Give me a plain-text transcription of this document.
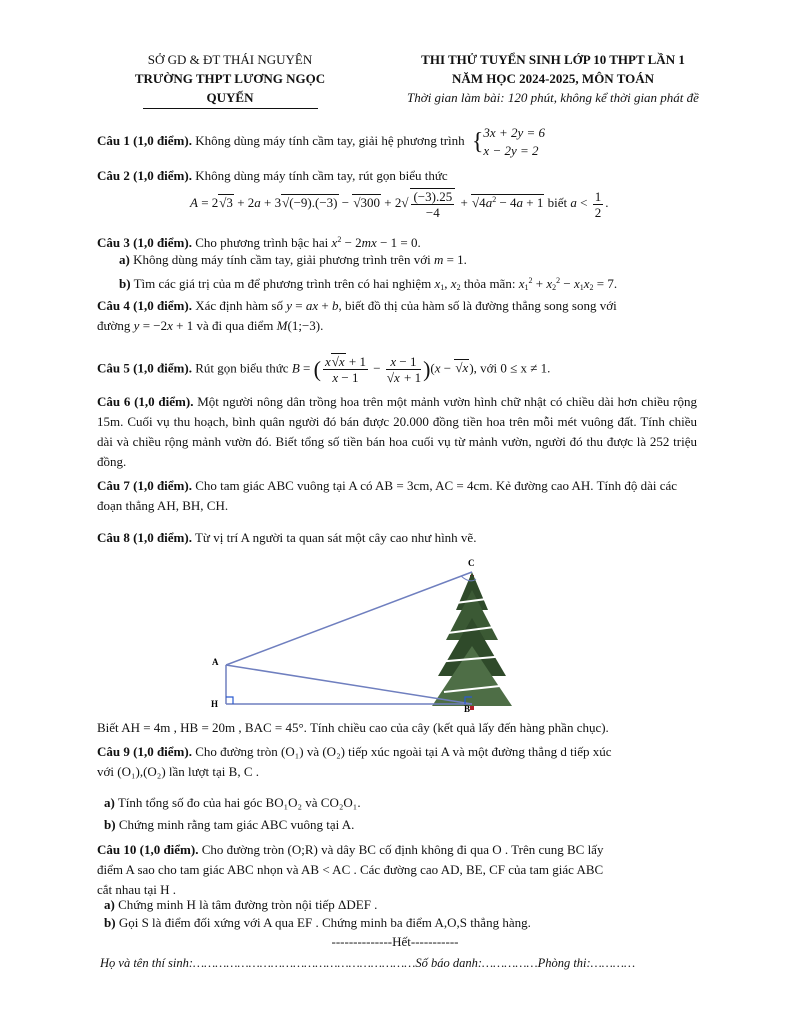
SỞ GD & ĐT THÁI NGUYÊN
TRƯỜNG THPT LƯƠNG NGỌC QUYẾN
THI THỬ TUYỂN SINH LỚP 10 THPT LẦN 1
NĂM HỌC 2024-2025, MÔN TOÁN
Thời gian làm bài: 120 phút, không kể thời gian phát đề
Câu 1 (1,0 điểm). Không dùng máy tính cầm tay, giải hệ phương trình { 3x + 2y = 6
x − 2y = 2
Câu 2 (1,0 điểm). Không dùng máy tính cầm tay, rút gọn biểu thức
$A = 2√3 + 2a + 3√(-9).(-3) - √300 + 2√ \frac{(-3).25}{-4} + √4a^2 - 4a + 1$ biết $a < \frac{1}{2}$ .
Câu 3 (1,0 điểm). Cho phương trình bậc hai $x^2 - 2mx - 1 = 0$.
a) Không dùng máy tính cầm tay, giải phương trình trên với m = 1.
b) Tìm các giá trị của m để phương trình trên có hai nghiệm $x_1$, $x_2$ thỏa mãn: $x_1^2 + x_2^2 - x_1x_2 = 7$.
Câu 4 (1,0 điểm). Xác định hàm số y = ax + b, biết đồ thị của hàm số là đường thẳng song song với
đường y = −2x + 1 và đi qua điểm M(1;−3).
Câu 5 (1,0 điểm). Rút gọn biểu thức B = ( $\frac{x√x + 1}{x - 1} - \frac{x - 1}{√x + 1} )(x - √x)$, với 0 ≤ x ≠ 1.
Câu 6 (1,0 điểm). Một người nông dân trồng hoa trên một mảnh vườn hình chữ nhật có chiều dài hơn chiều rộng 15m. Cuối vụ thu hoạch, bình quân người đó bán được 20.000 đồng tiền hoa trên mỗi mét vuông đất. Tính chiều dài và chiều rộng mảnh vườn đó. Biết tổng số tiền bán hoa cuối vụ từ mảnh vườn, người đó thu được là 252 triệu đồng.
Câu 7 (1,0 điểm). Cho tam giác ABC vuông tại A có AB = 3cm, AC = 4cm. Kẻ đường cao AH. Tính độ dài các đoạn thẳng AH, BH, CH.
Câu 8 (1,0 điểm). Từ vị trí A người ta quan sát một cây cao như hình vẽ.
A
H	B
C
Biết AH = 4m , HB = 20m , BAC = 45°. Tính chiều cao của cây (kết quả lấy đến hàng phần chục).
Câu 9 (1,0 điểm). Cho đường tròn (O₁) và (O₂) tiếp xúc ngoài tại A và một đường thẳng d tiếp xúc
với (O₁),(O₂) lần lượt tại B, C .
a) Tính tổng số đo của hai góc BO₁O₂ và CO₂O₁.
b) Chứng minh rằng tam giác ABC vuông tại A.
Câu 10 (1,0 điểm). Cho đường tròn (O;R) và dây BC cố định không đi qua O . Trên cung BC lấy
điểm A sao cho tam giác ABC nhọn và AB < AC . Các đường cao AD, BE, CF của tam giác ABC
cắt nhau tại H .
a) Chứng minh H là tâm đường tròn nội tiếp ΔDEF .
b) Gọi S là điểm đối xứng với A qua EF . Chứng minh ba điểm A,O,S thẳng hàng.
--------------Hết-----------
Họ và tên thí sinh:……………………………………………………Số báo danh:……………Phòng thi:…………
